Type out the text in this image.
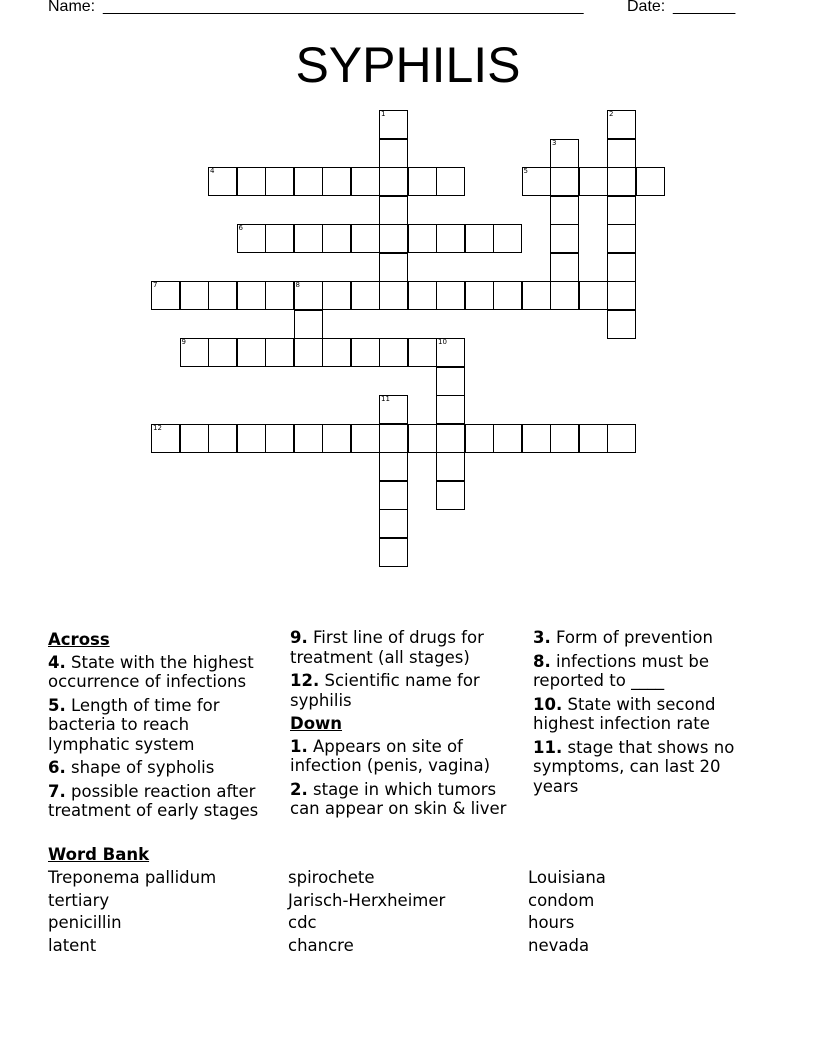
Name: ______________________________________________________	Date: _______
SYPHILIS
1	2
3
4	5
6
7	8
9	10
11
12
Across
4. State with the highest occurrence of infections
5. Length of time for bacteria to reach lymphatic system
6. shape of sypholis
7. possible reaction after treatment of early stages
9. First line of drugs for treatment (all stages)
12. Scientific name for syphilis
Down
1. Appears on site of infection (penis, vagina)
2. stage in which tumors can appear on skin & liver
3. Form of prevention
8. infections must be reported to ____
10. State with second highest infection rate
11. stage that shows no symptoms, can last 20 years
Word Bank
Treponema pallidum	spirochete	Louisiana
tertiary	Jarisch-Herxheimer	condom
penicillin	cdc	hours
latent	chancre	nevada
